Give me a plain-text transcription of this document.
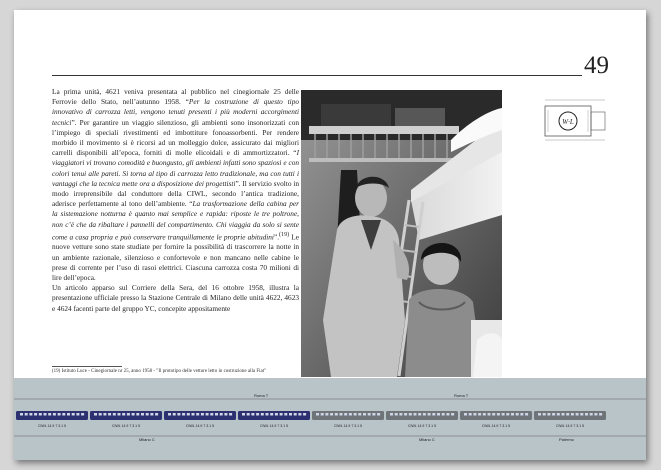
49

La prima unità, 4621 veniva presentata al pubblico nel cinegiornale 25 delle Ferrovie dello Stato, nell’autunno 1958. “Per la costruzione di questo tipo innovativo di carrozza letti, vengono tenuti presenti i più moderni accorgimenti tecnici”. Per garantire un viaggio silenzioso, gli ambienti sono insonorizzati con l’impiego di speciali rivestimenti ed imbottiture fonoassorbenti. Per rendere morbido il movimento si è ricorsi ad un molleggio dolce, assicurato dai migliori carrelli disponibili all’epoca, forniti di molle elicoidali e di ammortizzatori. “I viaggiatori vi trovano comodità e buongusto, gli ambienti infatti sono spaziosi e con colori tenui alle pareti. Si torna al tipo di carrozza letto tradizionale, ma con tutti i vantaggi che la tecnica mette ora a disposizione dei progettisti”. Il servizio svolto in modo irreprensibile dal conduttore della CIWL, secondo l’antica tradizione, aderisce perfettamente al tono dell’ambiente. “La trasformazione della cabina per la sistemazione notturna è quanto mai semplice e rapida: riposte le tre poltrone, non c’è che da ribaltare i pannelli del compartimento. Chi viaggia da solo si sente come a casa propria e può conservare tranquillamente le proprie abitudini”.$^{(19)}$ Le nuove vetture sono state studiate per fornire la possibilità di trascorrere la notte in un ambiente razionale, silenzioso e confortevole e non mancano nelle cabine le prese di corrente per l’uso di rasoi elettrici. Ciascuna carrozza costa 70 milioni di lire dell’epoca.

Un articolo apparso sul Corriere della Sera, del 16 ottobre 1958, illustra la presentazione ufficiale presso la Stazione Centrale di Milano delle unità 4622, 4623 e 4624 facenti parte del gruppo YC, concepite appositamente

(19) Istituto Luce - Cinegiornale nr 25, anno 1958 - "Il prototipo delle vetture letto in costruzione alla Fiat"
W·L
CIWL 14.9 7 3.1 5	CIWL 14.9 7 3.1 5	CIWL 14.9 7 3.1 5	CIWL 14.9 7 3.1 5	CIWL 14.9 7 3.1 5	CIWL 14.9 7 3.1 5	CIWL 14.9 7 3.1 5	CIWL 14.9 7 3.1 5
Roma T	Roma T
Milano C	Milano C	Palermo
